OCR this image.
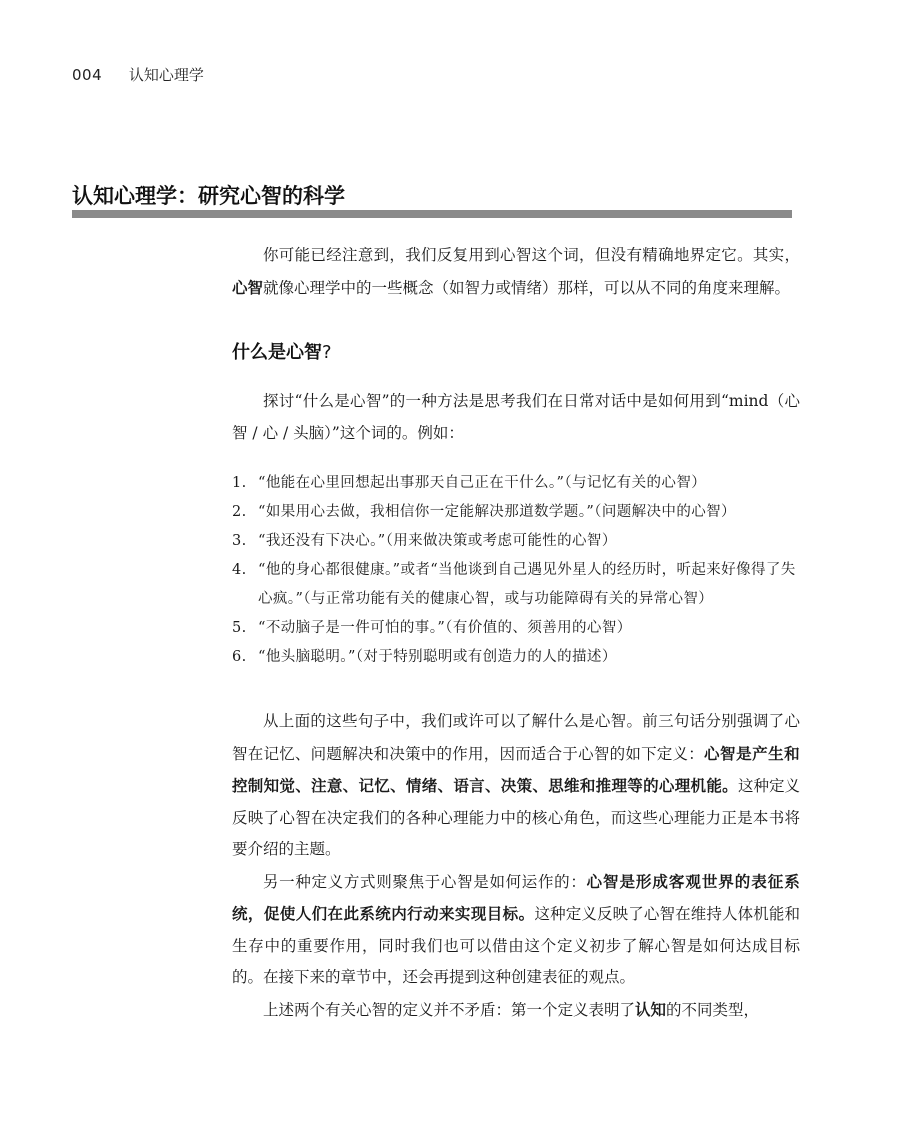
004 认知心理学
认知心理学：研究心智的科学

你可能已经注意到，我们反复用到心智这个词，但没有精确地界定它。其实，心智就像心理学中的一些概念（如智力或情绪）那样，可以从不同的角度来理解。

什么是心智?

探讨“什么是心智”的一种方法是思考我们在日常对话中是如何用到“mind（心智 / 心 / 头脑）”这个词的。例如：

1. “他能在心里回想起出事那天自己正在干什么。”（与记忆有关的心智）
2. “如果用心去做，我相信你一定能解决那道数学题。”（问题解决中的心智）
3. “我还没有下决心。”（用来做决策或考虑可能性的心智）
4. “他的身心都很健康。”或者“当他谈到自己遇见外星人的经历时，听起来好像得了失心疯。”（与正常功能有关的健康心智，或与功能障碍有关的异常心智）
5. “不动脑子是一件可怕的事。”（有价值的、须善用的心智）
6. “他头脑聪明。”（对于特别聪明或有创造力的人的描述）

从上面的这些句子中，我们或许可以了解什么是心智。前三句话分别强调了心智在记忆、问题解决和决策中的作用，因而适合于心智的如下定义：心智是产生和控制知觉、注意、记忆、情绪、语言、决策、思维和推理等的心理机能。这种定义反映了心智在决定我们的各种心理能力中的核心角色，而这些心理能力正是本书将要介绍的主题。

另一种定义方式则聚焦于心智是如何运作的：心智是形成客观世界的表征系统，促使人们在此系统内行动来实现目标。这种定义反映了心智在维持人体机能和生存中的重要作用，同时我们也可以借由这个定义初步了解心智是如何达成目标的。在接下来的章节中，还会再提到这种创建表征的观点。

上述两个有关心智的定义并不矛盾：第一个定义表明了认知的不同类型，
